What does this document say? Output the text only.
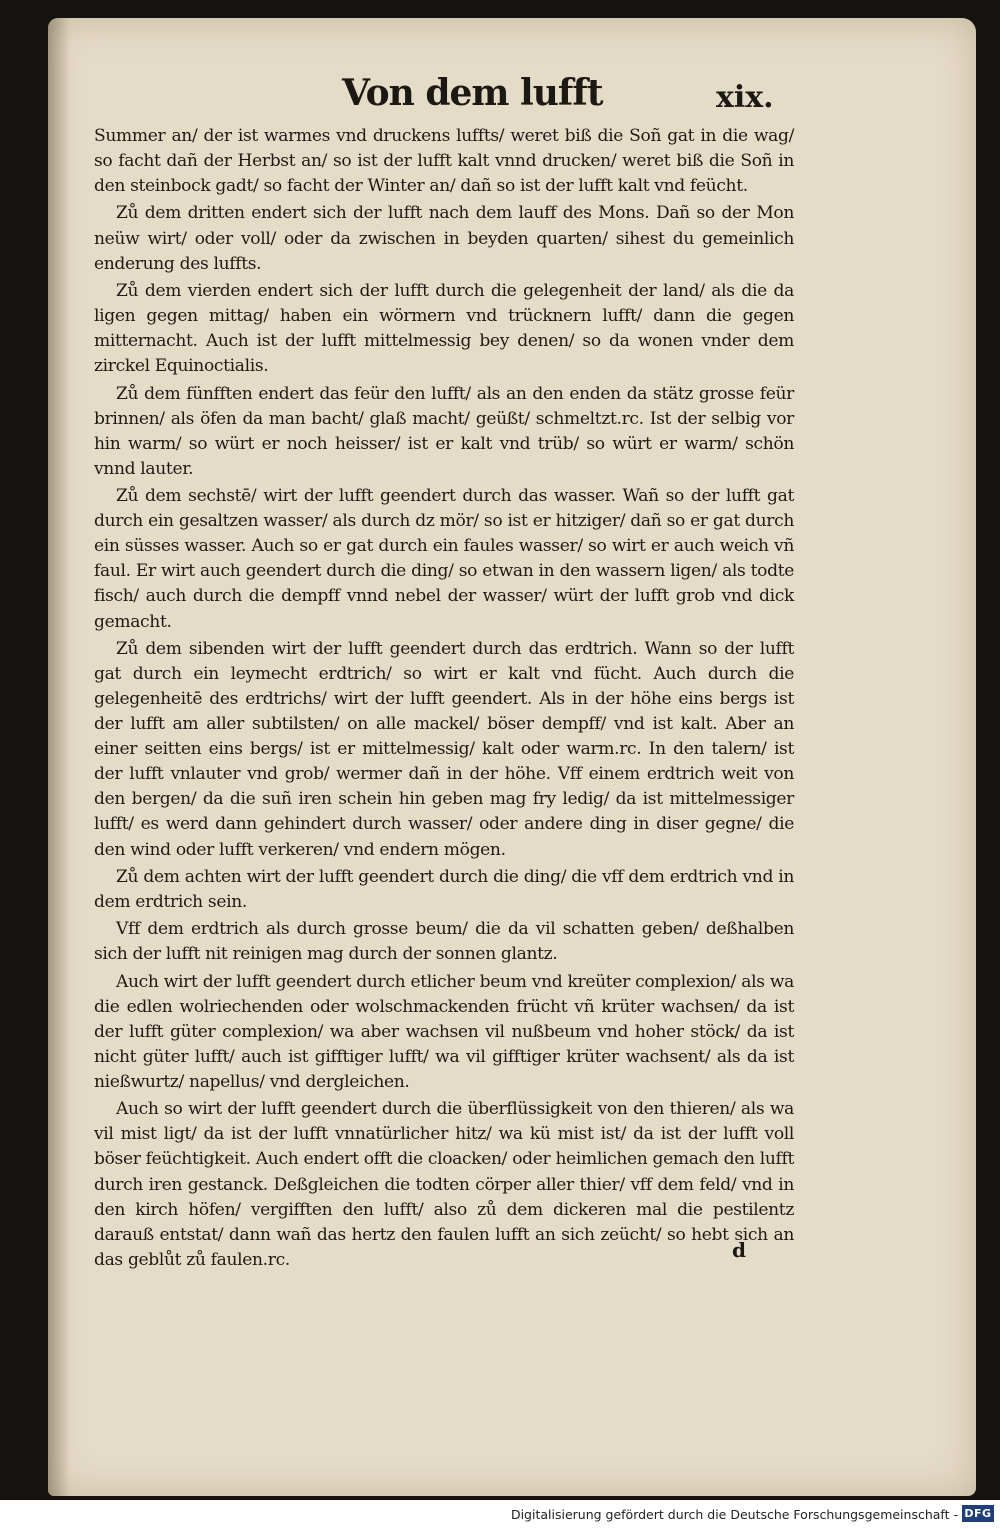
Von dem lufft	xix.

Summer an/ der ist warmes vnd druckens luffts/ weret biß die Soñ gat in die wag/ so facht dañ der Herbst an/ so ist der lufft kalt vnnd drucken/ weret biß die Soñ in den steinbock gadt/ so facht der Winter an/ dañ so ist der lufft kalt vnd feücht.

Zů dem dritten endert sich der lufft nach dem lauff des Mons. Dañ so der Mon neüw wirt/ oder voll/ oder da zwischen in beyden quarten/ sihest du gemeinlich enderung des luffts.

Zů dem vierden endert sich der lufft durch die gelegenheit der land/ als die da ligen gegen mittag/ haben ein wörmern vnd trücknern lufft/ dann die gegen mitternacht. Auch ist der lufft mittelmessig bey denen/ so da wonen vnder dem zirckel Equinoctialis.

Zů dem fünfften endert das feür den lufft/ als an den enden da stätz grosse feür brinnen/ als öfen da man bacht/ glaß macht/ geüßt/ schmeltzt.rc. Ist der selbig vor hin warm/ so würt er noch heisser/ ist er kalt vnd trüb/ so würt er warm/ schön vnnd lauter.

Zů dem sechstē/ wirt der lufft geendert durch das wasser. Wañ so der lufft gat durch ein gesaltzen wasser/ als durch dz mör/ so ist er hitziger/ dañ so er gat durch ein süsses wasser. Auch so er gat durch ein faules wasser/ so wirt er auch weich vñ faul. Er wirt auch geendert durch die ding/ so etwan in den wassern ligen/ als todte fisch/ auch durch die dempff vnnd nebel der wasser/ würt der lufft grob vnd dick gemacht.

Zů dem sibenden wirt der lufft geendert durch das erdtrich. Wann so der lufft gat durch ein leymecht erdtrich/ so wirt er kalt vnd fücht. Auch durch die gelegenheitē des erdtrichs/ wirt der lufft geendert. Als in der höhe eins bergs ist der lufft am aller subtilsten/ on alle mackel/ böser dempff/ vnd ist kalt. Aber an einer seitten eins bergs/ ist er mittelmessig/ kalt oder warm.rc. In den talern/ ist der lufft vnlauter vnd grob/ wermer dañ in der höhe. Vff einem erdtrich weit von den bergen/ da die suñ iren schein hin geben mag fry ledig/ da ist mittelmessiger lufft/ es werd dann gehindert durch wasser/ oder andere ding in diser gegne/ die den wind oder lufft verkeren/ vnd endern mögen.

Zů dem achten wirt der lufft geendert durch die ding/ die vff dem erdtrich vnd in dem erdtrich sein.

Vff dem erdtrich als durch grosse beum/ die da vil schatten geben/ deßhalben sich der lufft nit reinigen mag durch der sonnen glantz.

Auch wirt der lufft geendert durch etlicher beum vnd kreüter complexion/ als wa die edlen wolriechenden oder wolschmackenden frücht vñ krüter wachsen/ da ist der lufft güter complexion/ wa aber wachsen vil nußbeum vnd hoher stöck/ da ist nicht güter lufft/ auch ist gifftiger lufft/ wa vil gifftiger krüter wachsent/ als da ist nießwurtz/ napellus/ vnd dergleichen.

Auch so wirt der lufft geendert durch die überflüssigkeit von den thieren/ als wa vil mist ligt/ da ist der lufft vnnatürlicher hitz/ wa kü mist ist/ da ist der lufft voll böser feüchtigkeit. Auch endert offt die cloacken/ oder heimlichen gemach den lufft durch iren gestanck. Deßgleichen die todten cörper aller thier/ vff dem feld/ vnd in den kirch höfen/ vergifften den lufft/ also zů dem dickeren mal die pestilentz darauß entstat/ dann wañ das hertz den faulen lufft an sich zeücht/ so hebt sich an das geblůt zů faulen.rc.	d
Digitalisierung gefördert durch die Deutsche Forschungsgemeinschaft - DFG
